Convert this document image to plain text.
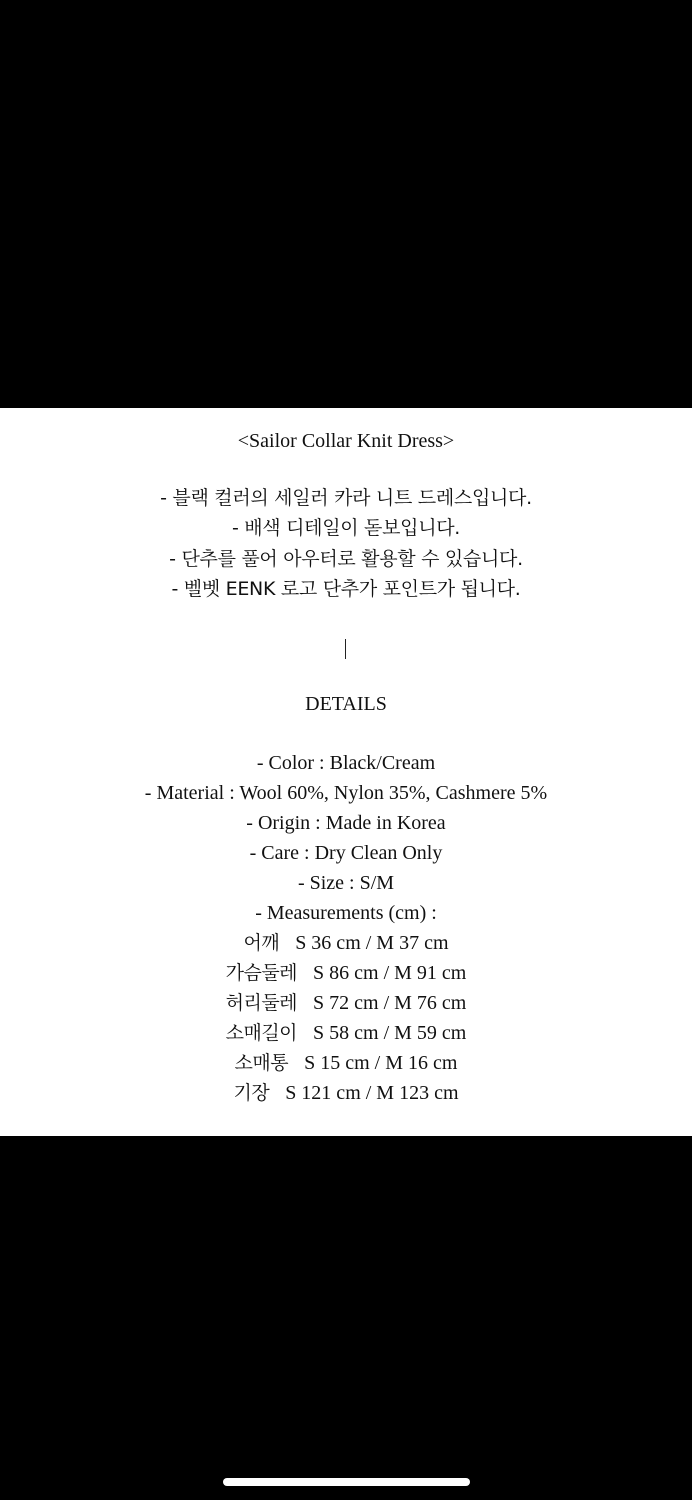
<Sailor Collar Knit Dress>
- 블랙 컬러의 세일러 카라 니트 드레스입니다.
- 배색 디테일이 돋보입니다.
- 단추를 풀어 아우터로 활용할 수 있습니다.
- 벨벳 EENK 로고 단추가 포인트가 됩니다.
DETAILS
- Color : Black/Cream
- Material : Wool 60%, Nylon 35%, Cashmere 5%
- Origin : Made in Korea
- Care : Dry Clean Only
- Size : S/M
- Measurements (cm) :
어깨 S 36 cm / M 37 cm
가슴둘레 S 86 cm / M 91 cm
허리둘레 S 72 cm / M 76 cm
소매길이 S 58 cm / M 59 cm
소매통 S 15 cm / M 16 cm
기장 S 121 cm / M 123 cm
